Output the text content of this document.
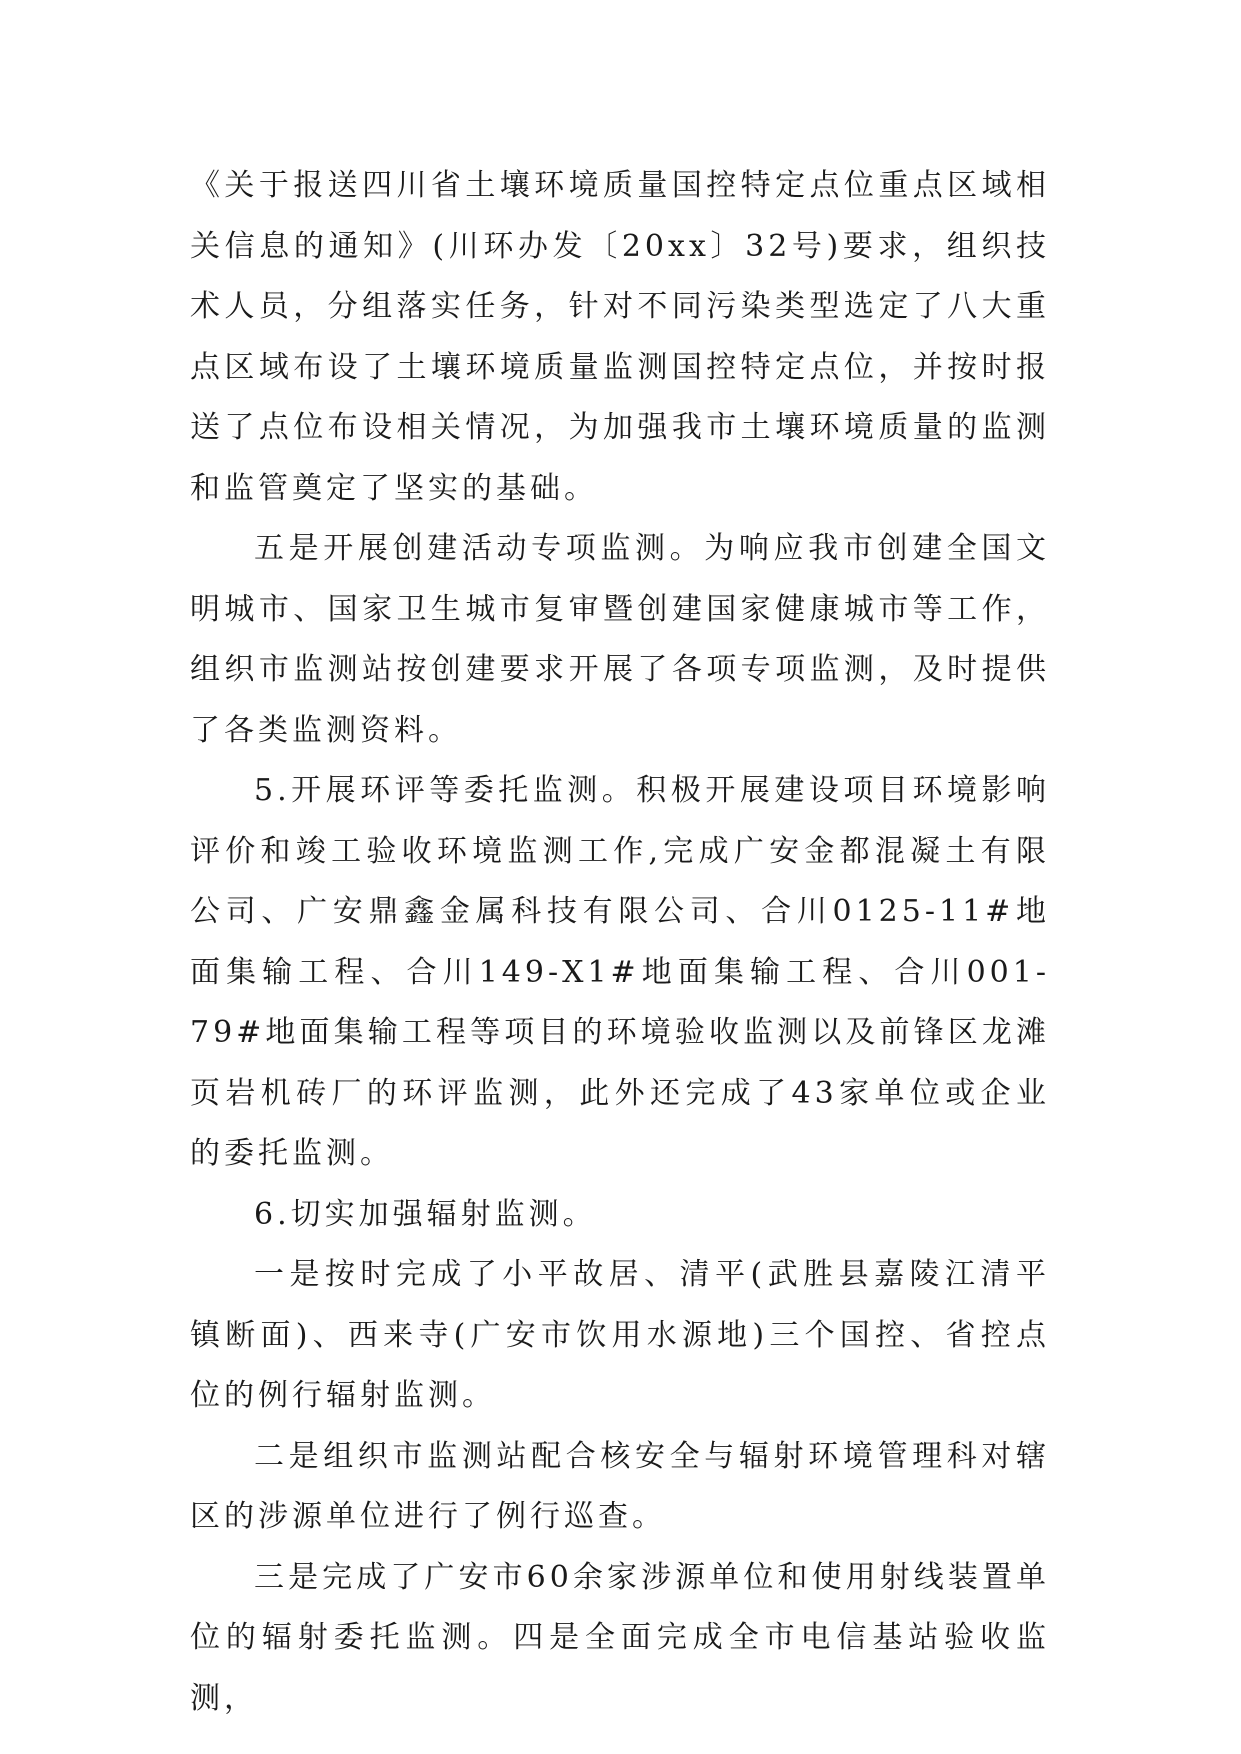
《关于报送四川省土壤环境质量国控特定点位重点区域相关信息的通知》(川环办发〔20xx〕32号)要求，组织技术人员，分组落实任务，针对不同污染类型选定了八大重点区域布设了土壤环境质量监测国控特定点位，并按时报送了点位布设相关情况，为加强我市土壤环境质量的监测和监管奠定了坚实的基础。

五是开展创建活动专项监测。为响应我市创建全国文明城市、国家卫生城市复审暨创建国家健康城市等工作，组织市监测站按创建要求开展了各项专项监测，及时提供了各类监测资料。

5.开展环评等委托监测。积极开展建设项目环境影响评价和竣工验收环境监测工作,完成广安金都混凝土有限公司、广安鼎鑫金属科技有限公司、合川0125-11#地面集输工程、合川149-X1#地面集输工程、合川001-79#地面集输工程等项目的环境验收监测以及前锋区龙滩页岩机砖厂的环评监测，此外还完成了43家单位或企业的委托监测。

6.切实加强辐射监测。

一是按时完成了小平故居、清平(武胜县嘉陵江清平镇断面)、西来寺(广安市饮用水源地)三个国控、省控点位的例行辐射监测。

二是组织市监测站配合核安全与辐射环境管理科对辖区的涉源单位进行了例行巡查。

三是完成了广安市60余家涉源单位和使用射线装置单位的辐射委托监测。四是全面完成全市电信基站验收监测，
